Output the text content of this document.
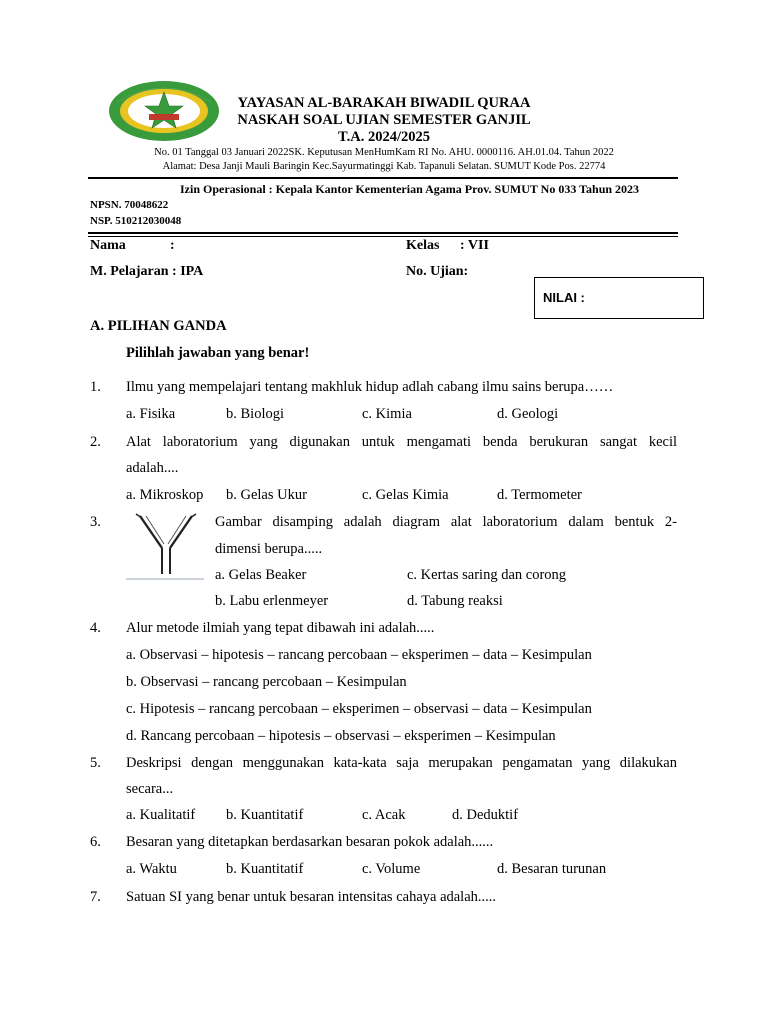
YAYASAN AL-BARAKAH BIWADIL QURAA
NASKAH SOAL UJIAN SEMESTER GANJIL
T.A. 2024/2025
No. 01 Tanggal 03 Januari 2022SK. Keputusan MenHumKam RI No. AHU. 0000116. AH.01.04. Tahun 2022
Alamat: Desa Janji Mauli Baringin Kec.Sayurmatinggi Kab. Tapanuli Selatan. SUMUT Kode Pos. 22774
Izin Operasional : Kepala Kantor Kementerian Agama Prov. SUMUT No 033 Tahun 2023
NPSN. 70048622
NSP. 510212030048
Nama	:	Kelas : VII
M. Pelajaran : IPA	No. Ujian:
NILAI :
A. PILIHAN GANDA
Pilihlah jawaban yang benar!
1. Ilmu yang mempelajari tentang makhluk hidup adlah cabang ilmu sains berupa……
a. Fisika	b. Biologi	c. Kimia	d. Geologi
2. Alat laboratorium yang digunakan untuk mengamati benda berukuran sangat kecil
adalah....
a. Mikroskop b. Gelas Ukur	c. Gelas Kimia	d. Termometer
3.	Gambar disamping adalah diagram alat laboratorium dalam bentuk 2-
dimensi berupa.....
a. Gelas Beaker	c. Kertas saring dan corong
b. Labu erlenmeyer	d. Tabung reaksi
4. Alur metode ilmiah yang tepat dibawah ini adalah.....
a. Observasi – hipotesis – rancang percobaan – eksperimen – data – Kesimpulan
b. Observasi – rancang percobaan – Kesimpulan
c. Hipotesis – rancang percobaan – eksperimen – observasi – data – Kesimpulan
d. Rancang percobaan – hipotesis – observasi – eksperimen – Kesimpulan
5. Deskripsi dengan menggunakan kata-kata saja merupakan pengamatan yang dilakukan
secara...
a. Kualitatif b. Kuantitatif	c. Acak	d. Deduktif
6. Besaran yang ditetapkan berdasarkan besaran pokok adalah......
a. Waktu	b. Kuantitatif	c. Volume	d. Besaran turunan
7. Satuan SI yang benar untuk besaran intensitas cahaya adalah.....
